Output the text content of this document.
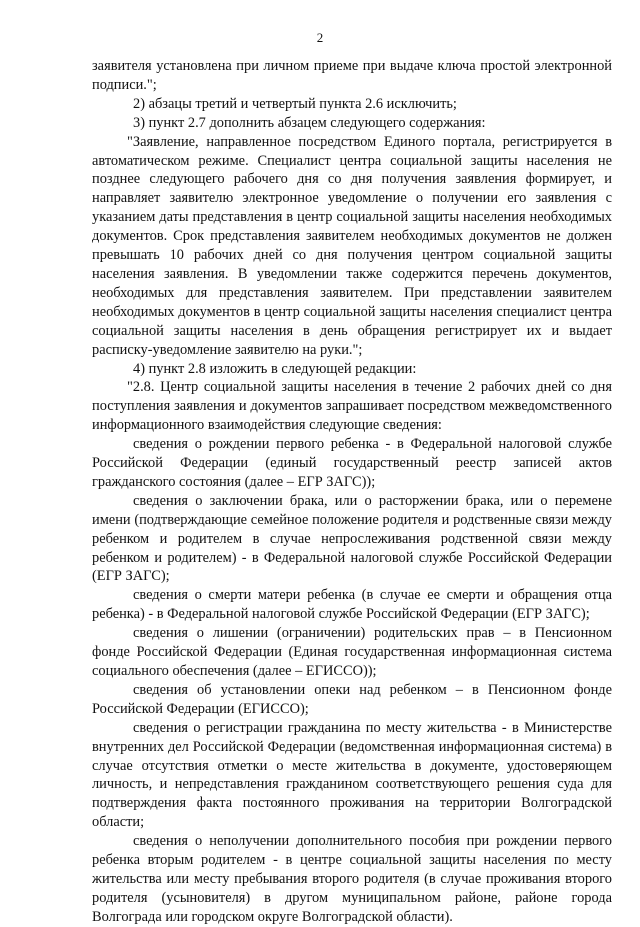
2

заявителя установлена при личном приеме при выдаче ключа простой электронной подписи.";

2) абзацы третий и четвертый пункта 2.6 исключить;

3) пункт 2.7 дополнить абзацем следующего содержания:

"Заявление, направленное посредством Единого портала, регистрируется в автоматическом режиме. Специалист центра социальной защиты населения не позднее следующего рабочего дня со дня получения заявления формирует, и направляет заявителю электронное уведомление о получении его заявления с указанием даты представления в центр социальной защиты населения необходимых документов. Срок представления заявителем необходимых документов не должен превышать 10 рабочих дней со дня получения центром социальной защиты населения заявления. В уведомлении также содержится перечень документов, необходимых для представления заявителем. При представлении заявителем необходимых документов в центр социальной защиты населения специалист центра социальной защиты населения в день обращения регистрирует их и выдает расписку-уведомление заявителю на руки.";

4) пункт 2.8 изложить в следующей редакции:

"2.8. Центр социальной защиты населения в течение 2 рабочих дней со дня поступления заявления и документов запрашивает посредством межведомственного информационного взаимодействия следующие сведения:

сведения о рождении первого ребенка - в Федеральной налоговой службе Российской Федерации (единый государственный реестр записей актов гражданского состояния (далее – ЕГР ЗАГС));

сведения о заключении брака, или о расторжении брака, или о перемене имени (подтверждающие семейное положение родителя и родственные связи между ребенком и родителем в случае непрослеживания родственной связи между ребенком и родителем) - в Федеральной налоговой службе Российской Федерации (ЕГР ЗАГС);

сведения о смерти матери ребенка (в случае ее смерти и обращения отца ребенка) - в Федеральной налоговой службе Российской Федерации (ЕГР ЗАГС);

сведения о лишении (ограничении) родительских прав – в Пенсионном фонде Российской Федерации (Единая государственная информационная система социального обеспечения (далее – ЕГИССО));

сведения об установлении опеки над ребенком – в Пенсионном фонде Российской Федерации (ЕГИССО);

сведения о регистрации гражданина по месту жительства - в Министерстве внутренних дел Российской Федерации (ведомственная информационная система) в случае отсутствия отметки о месте жительства в документе, удостоверяющем личность, и непредставления гражданином соответствующего решения суда для подтверждения факта постоянного проживания на территории Волгоградской области;

сведения о неполучении дополнительного пособия при рождении первого ребенка вторым родителем - в центре социальной защиты населения по месту жительства или месту пребывания второго родителя (в случае проживания второго родителя (усыновителя) в другом муниципальном районе, районе города Волгограда или городском округе Волгоградской области).
